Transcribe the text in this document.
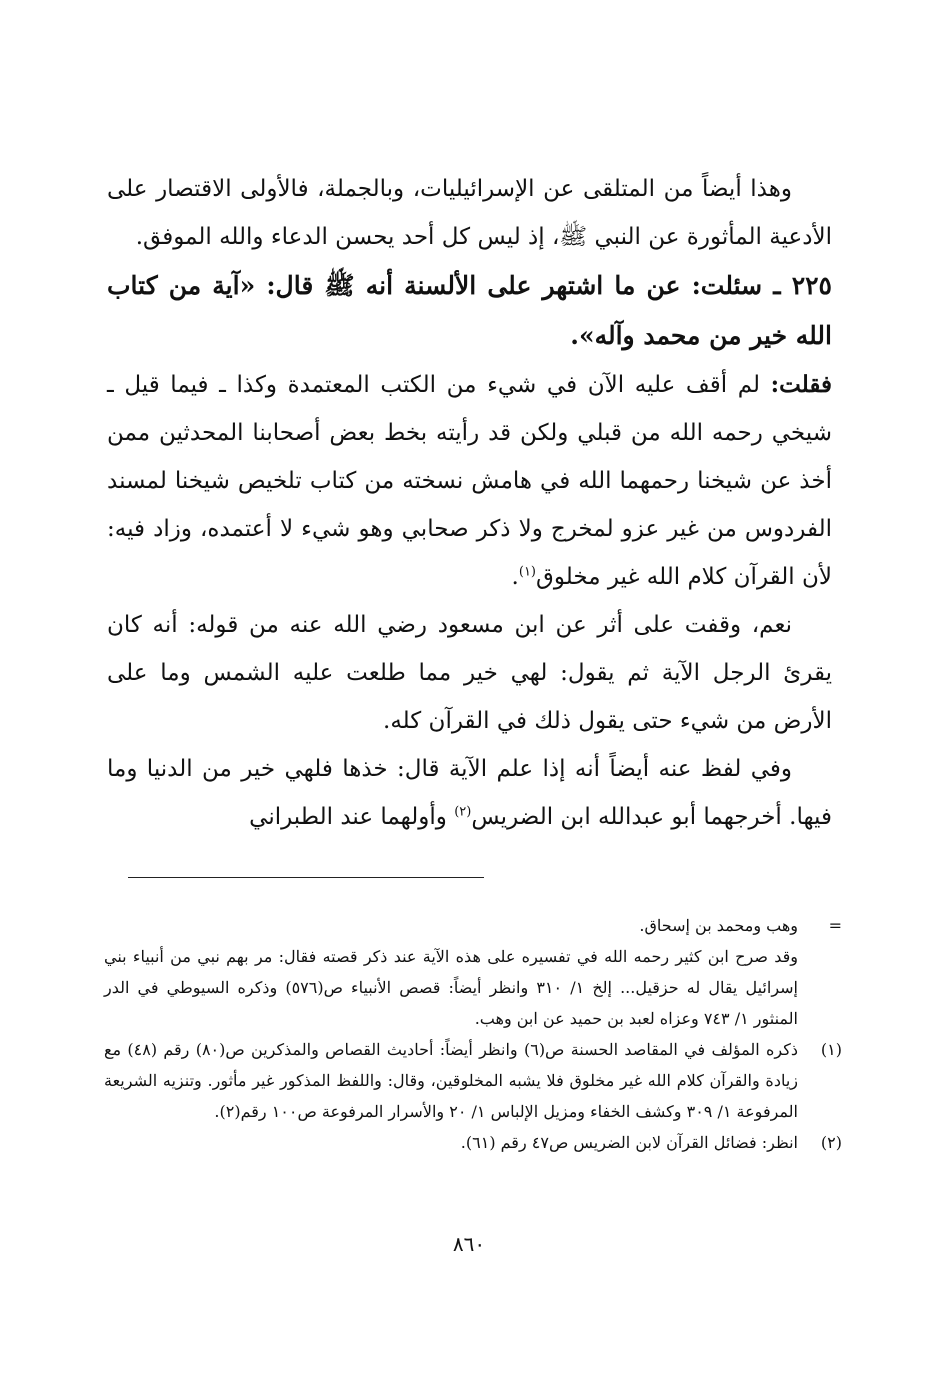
وهذا أيضاً من المتلقى عن الإسرائيليات، وبالجملة، فالأولى الاقتصار على الأدعية المأثورة عن النبي ﷺ، إذ ليس كل أحد يحسن الدعاء والله الموفق.

٢٢٥ ـ سئلت: عن ما اشتهر على الألسنة أنه ﷺ قال: «آية من كتاب الله خير من محمد وآله».

فقلت: لم أقف عليه الآن في شيء من الكتب المعتمدة وكذا ـ فيما قيل ـ شيخي رحمه الله من قبلي ولكن قد رأيته بخط بعض أصحابنا المحدثين ممن أخذ عن شيخنا رحمهما الله في هامش نسخته من كتاب تلخيص شيخنا لمسند الفردوس من غير عزو لمخرج ولا ذكر صحابي وهو شيء لا أعتمده، وزاد فيه: لأن القرآن كلام الله غير مخلوق$^{(١)}$.

نعم، وقفت على أثر عن ابن مسعود رضي الله عنه من قوله: أنه كان يقرئ الرجل الآية ثم يقول: لهي خير مما طلعت عليه الشمس وما على الأرض من شيء حتى يقول ذلك في القرآن كله.

وفي لفظ عنه أيضاً أنه إذا علم الآية قال: خذها فلهي خير من الدنيا وما فيها. أخرجهما أبو عبدالله ابن الضريس$^{(٢)}$ وأولهما عند الطبراني

=
وهب ومحمد بن إسحاق.
وقد صرح ابن كثير رحمه الله في تفسيره على هذه الآية عند ذكر قصته فقال: مر بهم نبي من أنبياء بني إسرائيل يقال له حزقيل... إلخ ١/ ٣١٠ وانظر أيضاً: قصص الأنبياء ص(٥٧٦) وذكره السيوطي في الدر المنثور ١/ ٧٤٣ وعزاه لعبد بن حميد عن ابن وهب.
(١)
ذكره المؤلف في المقاصد الحسنة ص(٦) وانظر أيضاً: أحاديث القصاص والمذكرين ص(٨٠) رقم (٤٨) مع زيادة والقرآن كلام الله غير مخلوق فلا يشبه المخلوقين، وقال: واللفظ المذكور غير مأثور. وتنزيه الشريعة المرفوعة ١/ ٣٠٩ وكشف الخفاء ومزيل الإلباس ١/ ٢٠ والأسرار المرفوعة ص١٠٠ رقم(٢).
(٢)
انظر: فضائل القرآن لابن الضريس ص٤٧ رقم (٦١).
٨٦٠
